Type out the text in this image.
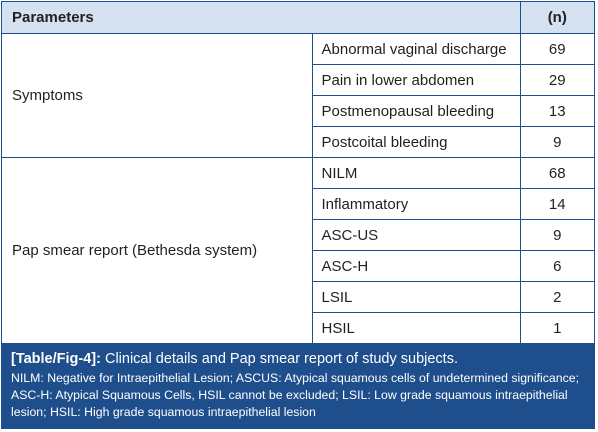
Parameters		(n)
Symptoms	Abnormal vaginal discharge	69
	Pain in lower abdomen	29
	Postmenopausal bleeding	13
	Postcoital bleeding	9
Pap smear report (Bethesda system)	NILM	68
	Inflammatory	14
	ASC-US	9
	ASC-H	6
	LSIL	2
	HSIL	1
[Table/Fig-4]: Clinical details and Pap smear report of study subjects.
NILM: Negative for Intraepithelial Lesion; ASCUS: Atypical squamous cells of undetermined significance; ASC-H: Atypical Squamous Cells, HSIL cannot be excluded; LSIL: Low grade squamous intraepithelial lesion; HSIL: High grade squamous intraepithelial lesion
